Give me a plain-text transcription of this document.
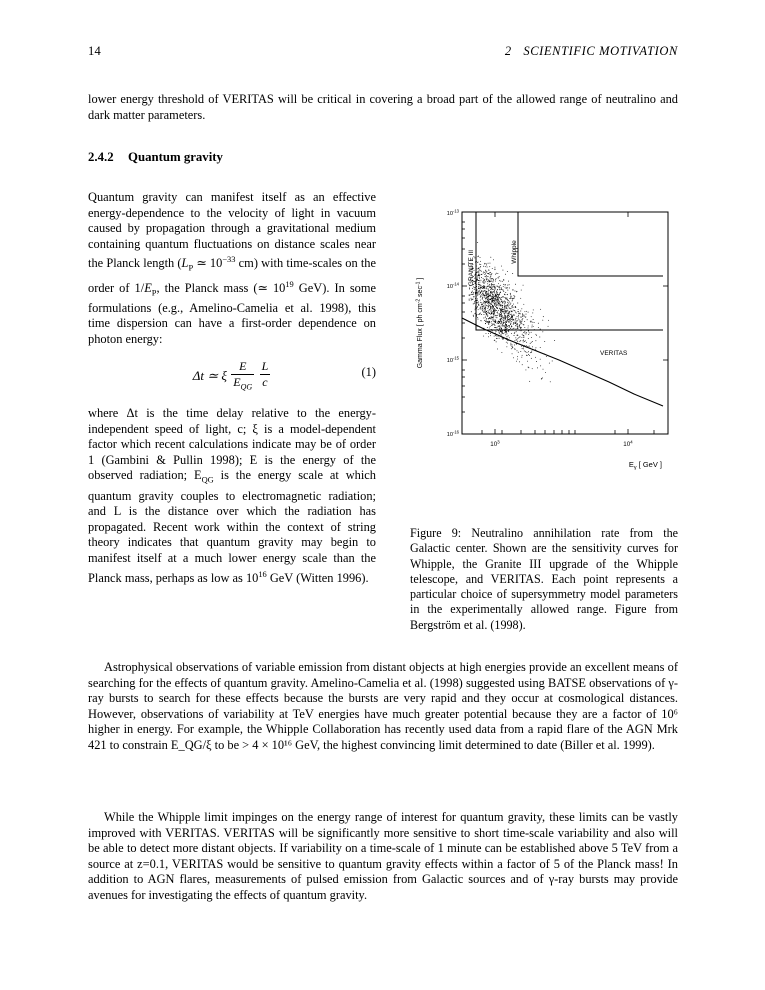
14	SCIENTIFIC MOTIVATION
2

lower energy threshold of VERITAS will be critical in covering a broad part of the allowed range of neutralino and dark matter parameters.

2.4.2 Quantum gravity

Quantum gravity can manifest itself as an effective energy-dependence to the velocity of light in vacuum caused by propagation through a gravitational medium containing quantum fluctuations on distance scales near the Planck length ($L_P$ ≃ $10^{-33}$ cm) with time-scales on the order of $1/E_P$, the Planck mass (≃ $10^{19}$ GeV). In some formulations (e.g., Amelino-Camelia et al. 1998), this time dispersion can have a first-order dependence on photon energy:

Δt ≃ ξ $\frac{E}{E_{QG}}$
$\frac{L}{c}$	(1)

where Δt is the time delay relative to the energy-independent speed of light, c; ξ is a model-dependent factor which recent calculations indicate may be of order 1 (Gambini & Pullin 1998); E is the energy of the observed radiation; $E_{QG}$ is the energy scale at which quantum gravity couples to electromagnetic radiation; and L is the distance over which the radiation has propagated. Recent work within the context of string theory indicates that quantum gravity may begin to manifest itself at a much lower energy scale than the Planck mass, perhaps as low as $10^{16}$ GeV (Witten 1996).

GRANITE III	Whipple
VERITAS
$10^{-16}$
$10^{-15}$
$10^{-14}$
$10^{-13}$
$10^3$	$10^4$
Gamma Flux [ ph $cm^{-2}$ $\sec^{-1}$ ]
$E_\gamma$ [ GeV ]
Figure 9: Neutralino annihilation rate from the Galactic center. Shown are the sensitivity curves for Whipple, the Granite III upgrade of the Whipple telescope, and VERITAS. Each point represents a particular choice of supersymmetry model parameters in the experimentally allowed range. Figure from Bergström et al. (1998).

Astrophysical observations of variable emission from distant objects at high energies provide an excellent means of searching for the effects of quantum gravity. Amelino-Camelia et al. (1998) suggested using BATSE observations of γ-ray bursts to search for these effects because the bursts are very rapid and they occur at cosmological distances. However, observations of variability at TeV energies have much greater potential because they are a factor of 10⁶ higher in energy. For example, the Whipple Collaboration has recently used data from a rapid flare of the AGN Mrk 421 to constrain E_QG/ξ to be > 4 × 10¹⁶ GeV, the highest convincing limit determined to date (Biller et al. 1999).

While the Whipple limit impinges on the energy range of interest for quantum gravity, these limits can be vastly improved with VERITAS. VERITAS will be significantly more sensitive to short time-scale variability and also will be able to detect more distant objects. If variability on a time-scale of 1 minute can be established above 5 TeV from a source at z=0.1, VERITAS would be sensitive to quantum gravity effects within a factor of 5 of the Planck mass! In addition to AGN flares, measurements of pulsed emission from Galactic sources and of γ-ray bursts may provide avenues for investigating the effects of quantum gravity.
